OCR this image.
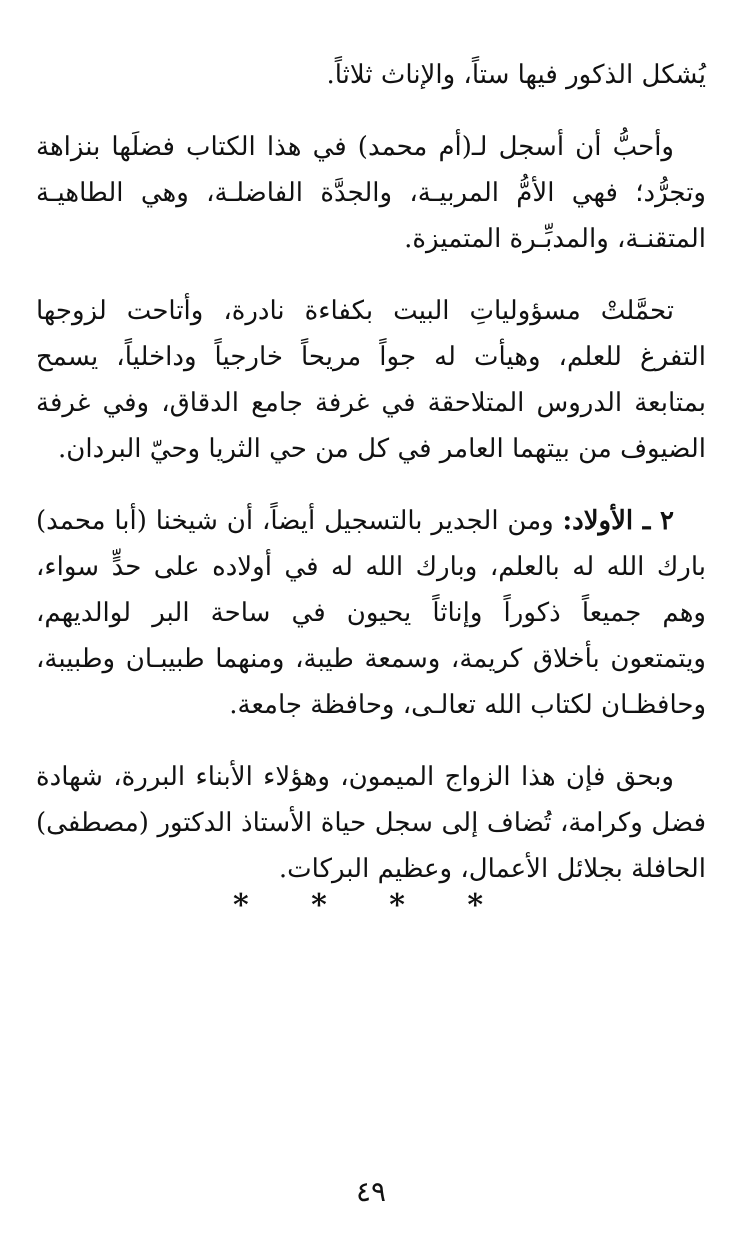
يُشكل الذكور فيها ستاً، والإناث ثلاثاً.

وأحبُّ أن أسجل لـ(أم محمد) في هذا الكتاب فضلَها بنزاهة وتجرُّد؛ فهي الأمُّ المربيـة، والجدَّة الفاضلـة، وهي الطاهيـة المتقنـة، والمدبِّـرة المتميزة.

تحمَّلتْ مسؤولياتِ البيت بكفاءة نادرة، وأتاحت لزوجها التفرغ للعلم، وهيأت له جواً مريحاً خارجياً وداخلياً، يسمح بمتابعة الدروس المتلاحقة في غرفة جامع الدقاق، وفي غرفة الضيوف من بيتهما العامر في كل من حي الثريا وحيّ البردان.

٢ ـ الأولاد: ومن الجدير بالتسجيل أيضاً، أن شيخنا (أبا محمد) بارك الله له بالعلم، وبارك الله له في أولاده على حدٍّ سواء، وهم جميعاً ذكوراً وإناثاً يحيون في ساحة البر لوالديهم، ويتمتعون بأخلاق كريمة، وسمعة طيبة، ومنهما طبيبـان وطبيبة، وحافظـان لكتاب الله تعالـى، وحافظة جامعة.

وبحق فإن هذا الزواج الميمون، وهؤلاء الأبناء البررة، شهادة فضل وكرامة، تُضاف إلى سجل حياة الأستاذ الدكتور (مصطفى) الحافلة بجلائل الأعمال، وعظيم البركات.

* * * *
٤٩
